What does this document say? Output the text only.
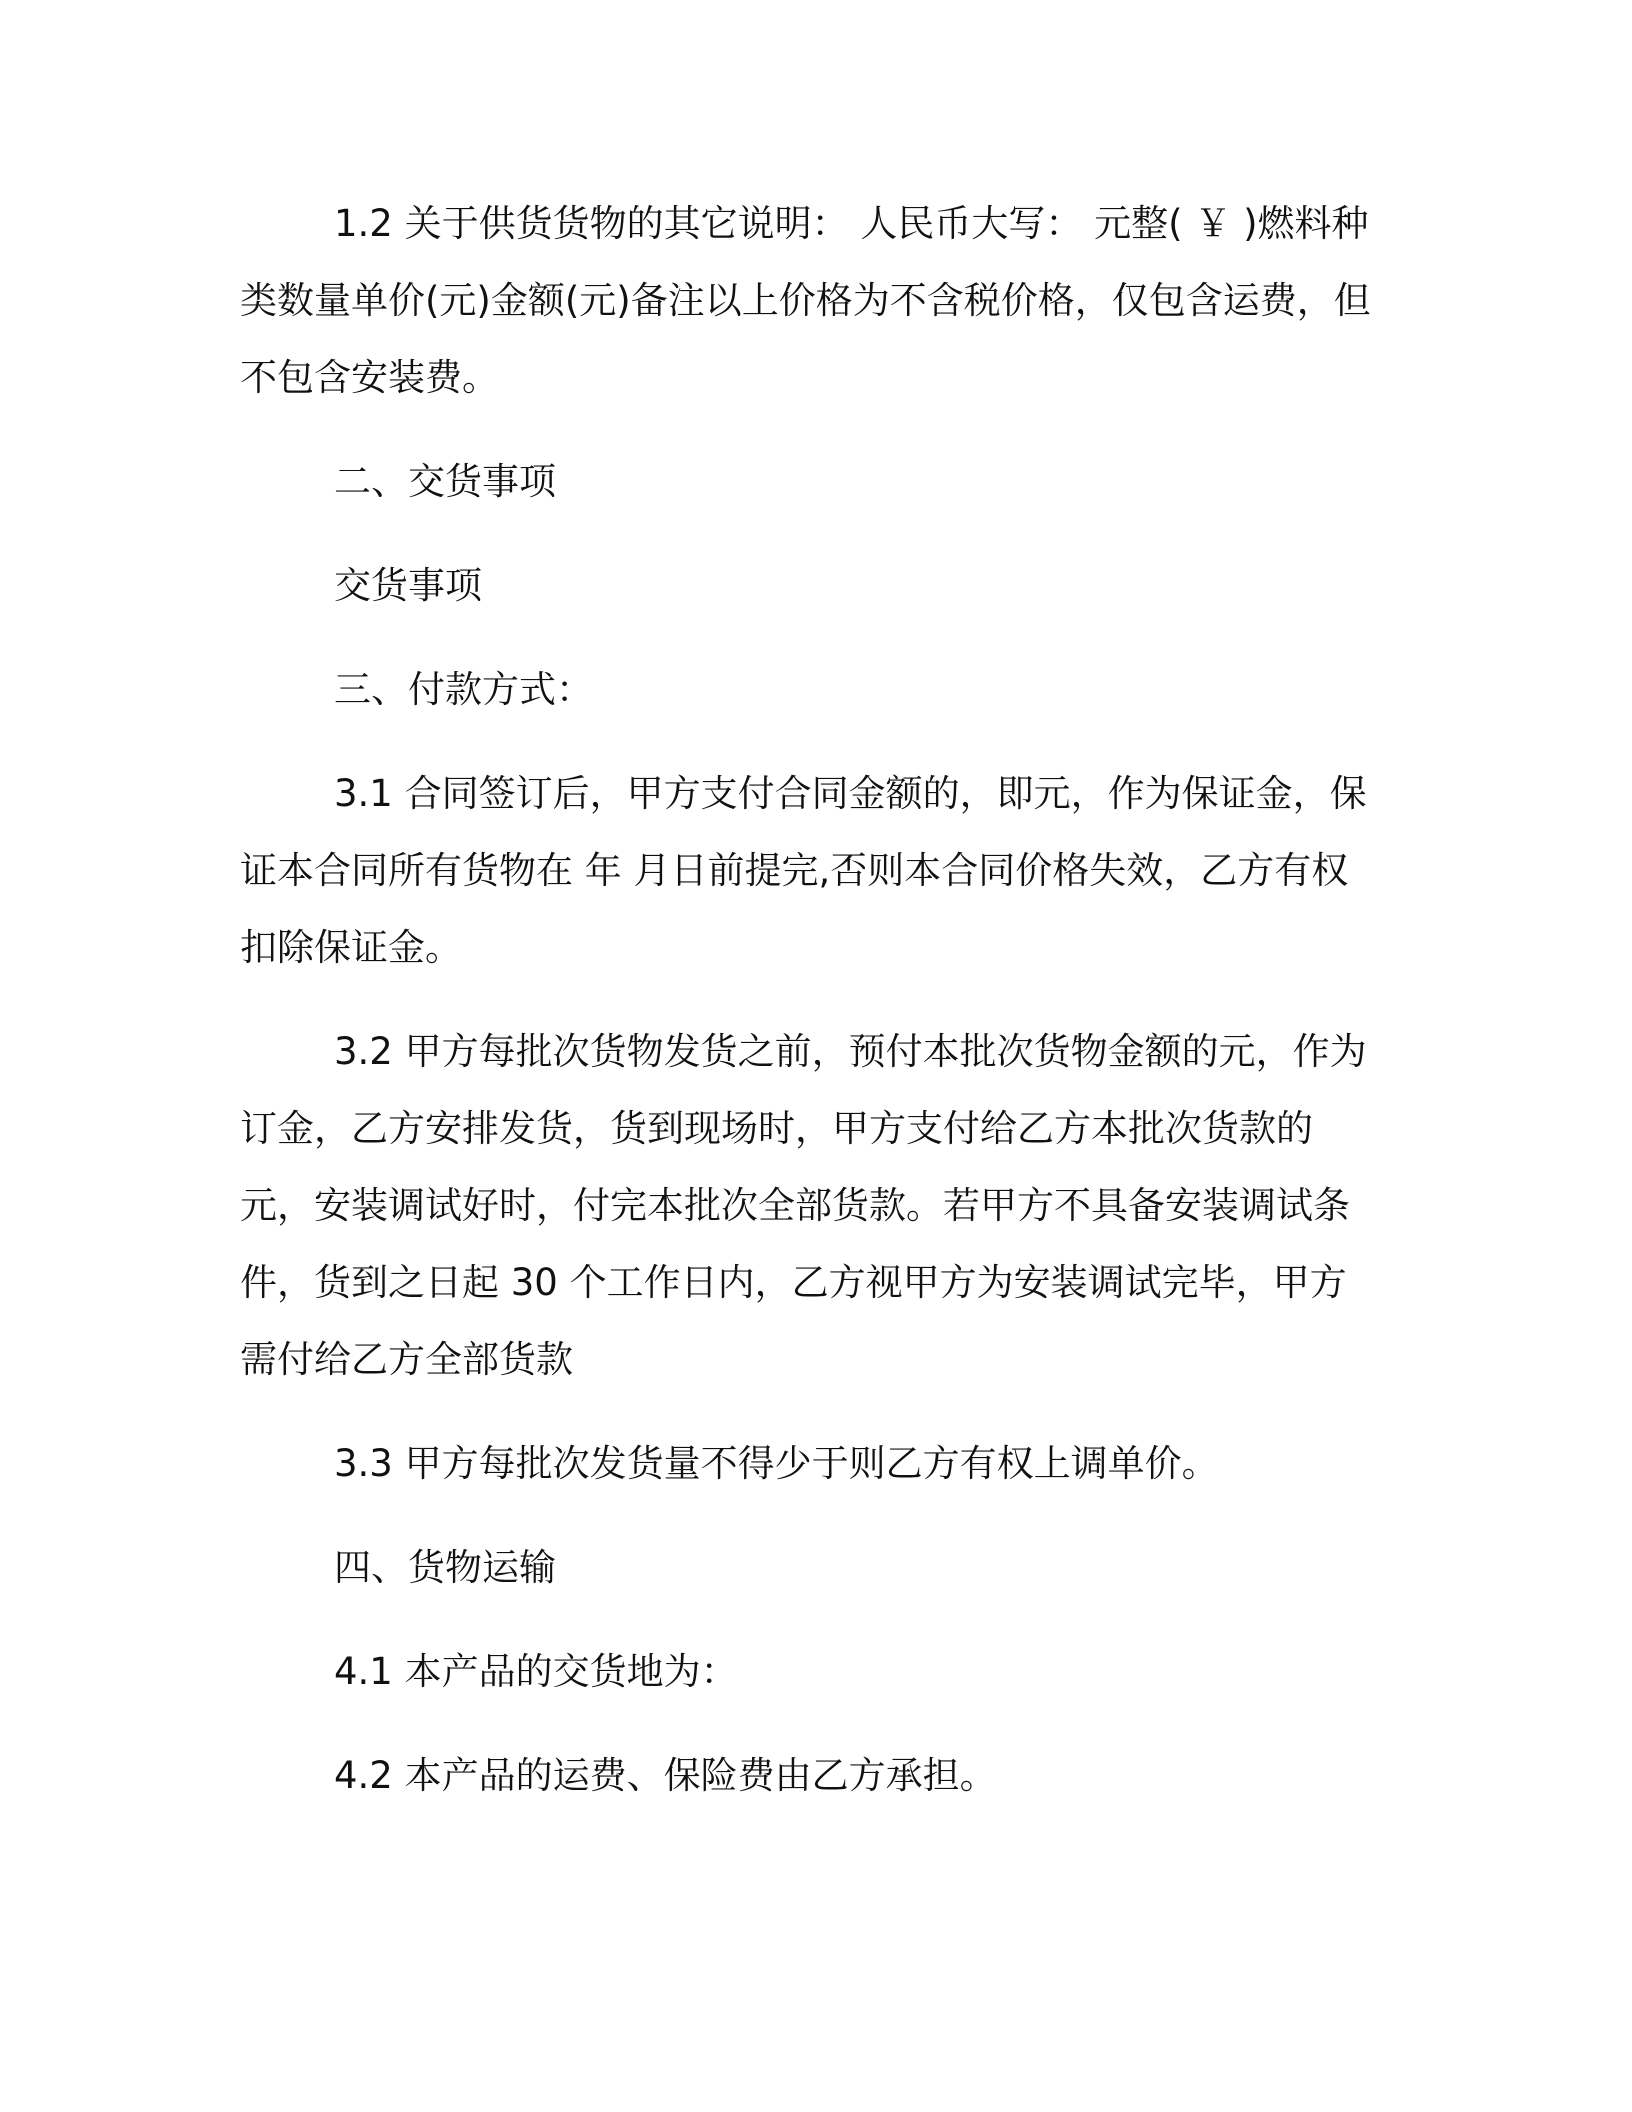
1.2 关于供货货物的其它说明： 人民币大写： 元整( ￥ )燃料种类数量单价(元)金额(元)备注以上价格为不含税价格，仅包含运费，但不包含安装费。

二、交货事项

交货事项

三、付款方式：

3.1 合同签订后，甲方支付合同金额的，即元，作为保证金，保证本合同所有货物在 年 月日前提完,否则本合同价格失效，乙方有权扣除保证金。

3.2 甲方每批次货物发货之前，预付本批次货物金额的元，作为订金，乙方安排发货，货到现场时，甲方支付给乙方本批次货款的元，安装调试好时，付完本批次全部货款。若甲方不具备安装调试条件，货到之日起 30 个工作日内，乙方视甲方为安装调试完毕，甲方需付给乙方全部货款

3.3 甲方每批次发货量不得少于则乙方有权上调单价。

四、货物运输

4.1 本产品的交货地为：

4.2 本产品的运费、保险费由乙方承担。
